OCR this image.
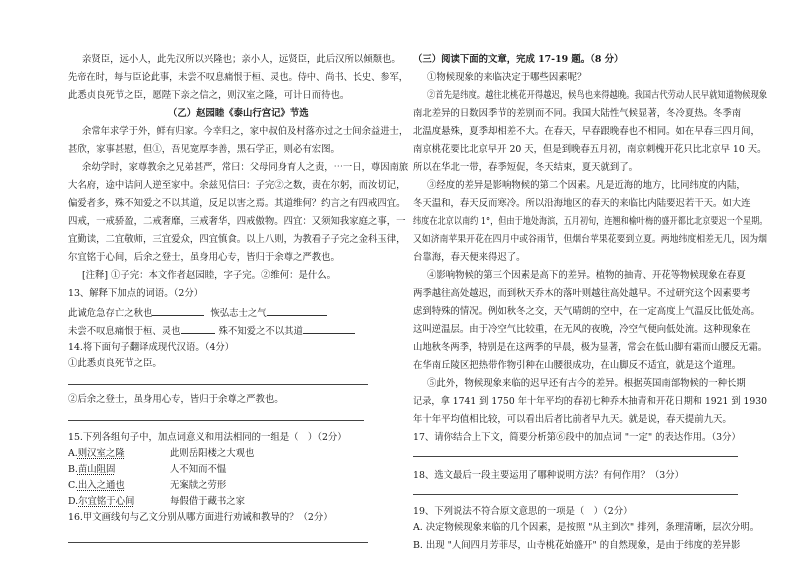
亲贤臣，远小人，此先汉所以兴隆也；亲小人，远贤臣，此后汉所以倾颓也。
先帝在时，每与臣论此事，未尝不叹息痛恨于桓、灵也。侍中、尚书、长史、参军，
此悉贞良死节之臣，愿陛下亲之信之，则汉室之隆，可计日而待也。
（乙）赵园睦《泰山行宫记》节选
余常年求学于外，鲜有归家。今幸归之，家中叔伯及村落亦过之士间余益进士，
甚欣，家事甚慰，但①，吾见宽厚李善，黑石学正，则必有宏图。
余幼学时，家尊教余之兄弟甚严，常曰：父母同身育人之责，⋯一日，尊因南旅
大名府，途中诘问人逆至家中。余兹见信曰：子完②之数，责在尔躬，而汝切记，
偏爱者多，殊不知爱之不以其道，反足以害之焉。其道维何？约言之有四戒四宜。
四戒，一戒骄盈，二戒奢靡，三戒奢华，四戒傲物。四宜：又须知我家庭之事，一
宜勤读，二宜敬师，三宜爱众，四宜慎食。以上八则，为教看子子完之金科玉律，
尔宜铭于心间，后余之登士，虽身用心专，皆归于余尊之严教也。
[注释] ①子完：本文作者赵园睦，字子完。②维何：是什么。
13、解释下加点的词语。（2分）
此诚危急存亡之秋也	恢弘志士之气
未尝不叹息痛恨于桓、灵也	殊不知爱之不以其道
14.将下面句子翻译成现代汉语。（4分）
①此悉贞良死节之臣。
②后余之登士，虽身用心专，皆归于余尊之严教也。
15.下列各组句子中，加点词意义和用法相同的一组是（　）（2分）
A.则汉室之隆	此则岳阳楼之大观也
B.苗山阻固	人不知而不愠
C.出入之通也	无案牍之劳形
D.尔宜铭于心间	每假借于藏书之家
16.甲文画线句与乙文分别从哪方面进行劝诫和教导的？（2分）
（三）阅读下面的文章，完成 17-19 题。（8 分）
①物候现象的来临决定于哪些因素呢？
②首先是纬度。越往北桃花开得越迟，候鸟也来得越晚。我国古代劳动人民早就知道物候现象
南北差异的日数因季节的差别而不同。我国大陆性气候显著，冬冷夏热。冬季南
北温度悬殊，夏季却相差不大。在春天，早春跟晚春也不相同。如在早春三四月间，
南京桃花要比北京早开 20 天，但是到晚春五月初，南京刺槐开花只比北京早 10 天。
所以在华北一带，春季短促，冬天结束，夏天就到了。
③经度的差异是影响物候的第二个因素。凡是近海的地方，比同纬度的内陆，
冬天温和，春天反而寒冷。所以沿海地区的春天的来临比内陆要迟若干天。如大连
纬度在北京以南约 1°，但由于地处海滨，五月初旬，连翘和榆叶梅的盛开都比北京要迟一个星期。
又如济南苹果开花在四月中或谷雨节，但烟台苹果花要到立夏。两地纬度相差无几，因为烟
台靠海，春天便来得迟了。
④影响物候的第三个因素是高下的差异。植物的抽青、开花等物候现象在春夏
两季越往高处越迟，而到秋天乔木的落叶则越往高处越早。不过研究这个因素要考
虑到特殊的情况。例如秋冬之交，天气晴朗的空中，在一定高度上气温反比低处高。
这叫逆温层。由于冷空气比较重，在无风的夜晚，冷空气便向低处流。这种现象在
山地秋冬两季，特别是在这两季的早晨，极为显著，常会在低山脚有霜而山腰反无霜。
在华南丘陵区把热带作物引种在山腰很成功，在山脚反不适宜，就是这个道理。
⑤此外，物候现象来临的迟早还有古今的差异。根据英国南部物候的一种长期
记录，拿 1741 到 1750 年十年平均的春初七种乔木抽青和开花日期和 1921 到 1930
年十年平均值相比较，可以看出后者比前者早九天。就是说，春天提前九天。
17、请你结合上下文，简要分析第⑥段中的加点词 "一定" 的表达作用。（3分）
18、选文最后一段主要运用了哪种说明方法？有何作用？（3分）
19、下列说法不符合原文意思的一项是（　）（2分）
A. 决定物候现象来临的几个因素，是按照 "从主到次" 排列，条理清晰，层次分明。
B. 出现 "人间四月芳菲尽，山寺桃花始盛开" 的自然现象，是由于纬度的差异影
